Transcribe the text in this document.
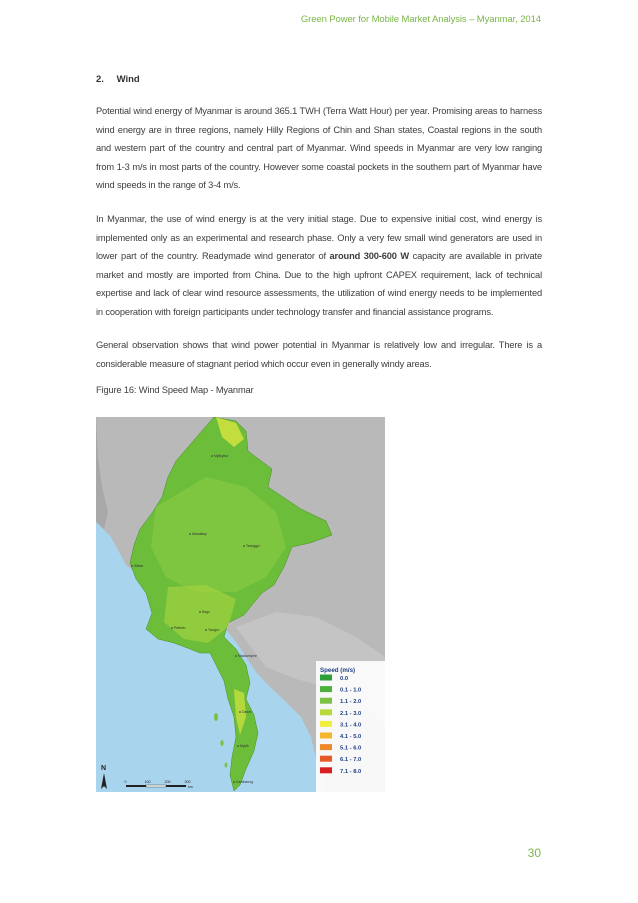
Green Power for Mobile Market Analysis – Myanmar, 2014
2. Wind

Potential wind energy of Myanmar is around 365.1 TWH (Terra Watt Hour) per year. Promising areas to harness wind energy are in three regions, namely Hilly Regions of Chin and Shan states, Coastal regions in the south and western part of the country and central part of Myanmar. Wind speeds in Myanmar are very low ranging from 1-3 m/s in most parts of the country. However some coastal pockets in the southern part of Myanmar have wind speeds in the range of 3-4 m/s.

In Myanmar, the use of wind energy is at the very initial stage. Due to expensive initial cost, wind energy is implemented only as an experimental and research phase. Only a very few small wind generators are used in lower part of the country. Readymade wind generator of around 300-600 W capacity are available in private market and mostly are imported from China. Due to the high upfront CAPEX requirement, lack of technical expertise and lack of clear wind resource assessments, the utilization of wind energy needs to be implemented in cooperation with foreign participants under technology transfer and financial assistance programs.

General observation shows that wind power potential in Myanmar is relatively low and irregular. There is a considerable measure of stagnant period which occur even in generally windy areas.

Figure 16: Wind Speed Map - Myanmar
Myitkyina
Mandalay
Sittwe
Taunggyi
Bago
Yangon
Pathein
Mawlamyine
Dawei
Myeik
Kawthaung
Speed (m/s)
0.0
0.1 - 1.0
1.1 - 2.0
2.1 - 3.0
3.1 - 4.0
4.1 - 5.0
5.1 - 6.0
6.1 - 7.0
7.1 - 8.0
N
0	100	200	300
km
30
